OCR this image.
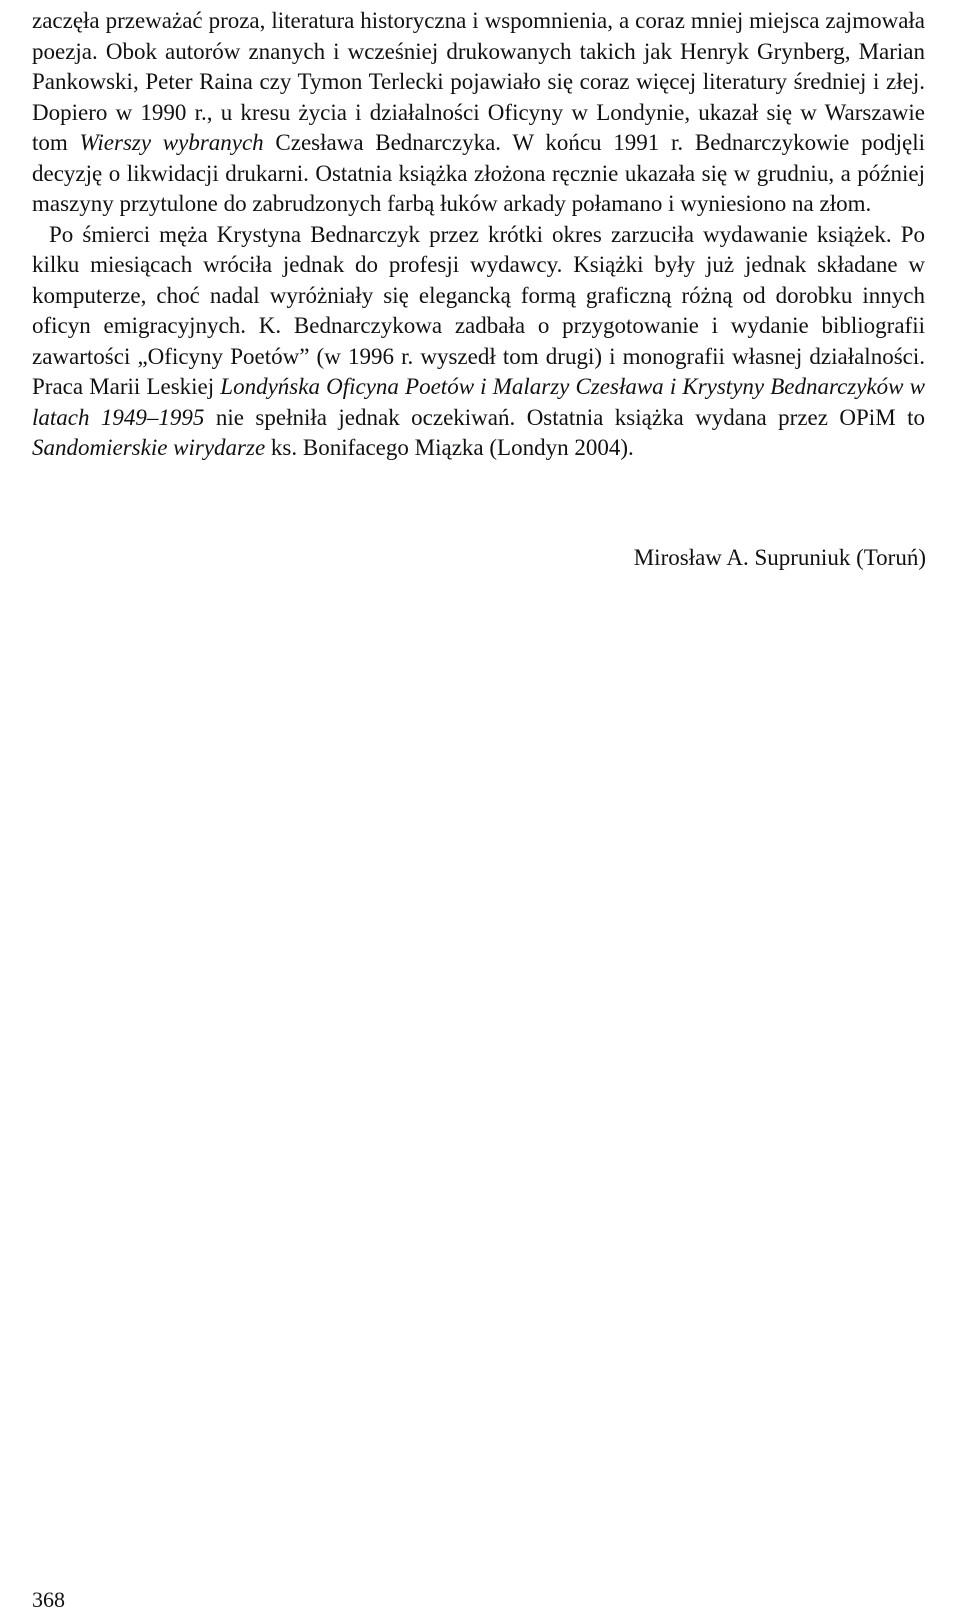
zaczęła przeważać proza, literatura historyczna i wspomnienia, a coraz mniej miejsca zajmowała poezja. Obok autorów znanych i wcześniej drukowanych takich jak Henryk Grynberg, Marian Pankowski, Peter Raina czy Tymon Terlecki pojawiało się coraz więcej literatury średniej i złej. Dopiero w 1990 r., u kresu życia i działalności Oficyny w Londynie, ukazał się w Warszawie tom Wierszy wybranych Czesława Bednarczyka. W końcu 1991 r. Bednarczykowie podjęli decyzję o likwidacji drukarni. Ostatnia książka złożona ręcznie ukazała się w grudniu, a później maszyny przytulone do zabrudzonych farbą łuków arkady połamano i wyniesiono na złom.

Po śmierci męża Krystyna Bednarczyk przez krótki okres zarzuciła wydawanie książek. Po kilku miesiącach wróciła jednak do profesji wydawcy. Książki były już jednak składane w komputerze, choć nadal wyróżniały się elegancką formą graficzną różną od dorobku innych oficyn emigracyjnych. K. Bednarczykowa zadbała o przygotowanie i wydanie bibliografii zawartości „Oficyny Poetów” (w 1996 r. wyszedł tom drugi) i monografii własnej działalności. Praca Marii Leskiej Londyńska Oficyna Poetów i Malarzy Czesława i Krystyny Bednarczyków w latach 1949–1995 nie spełniła jednak oczekiwań. Ostatnia książka wydana przez OPiM to Sandomierskie wirydarze ks. Bonifacego Miązka (Londyn 2004).

Mirosław A. Supruniuk (Toruń)
368
